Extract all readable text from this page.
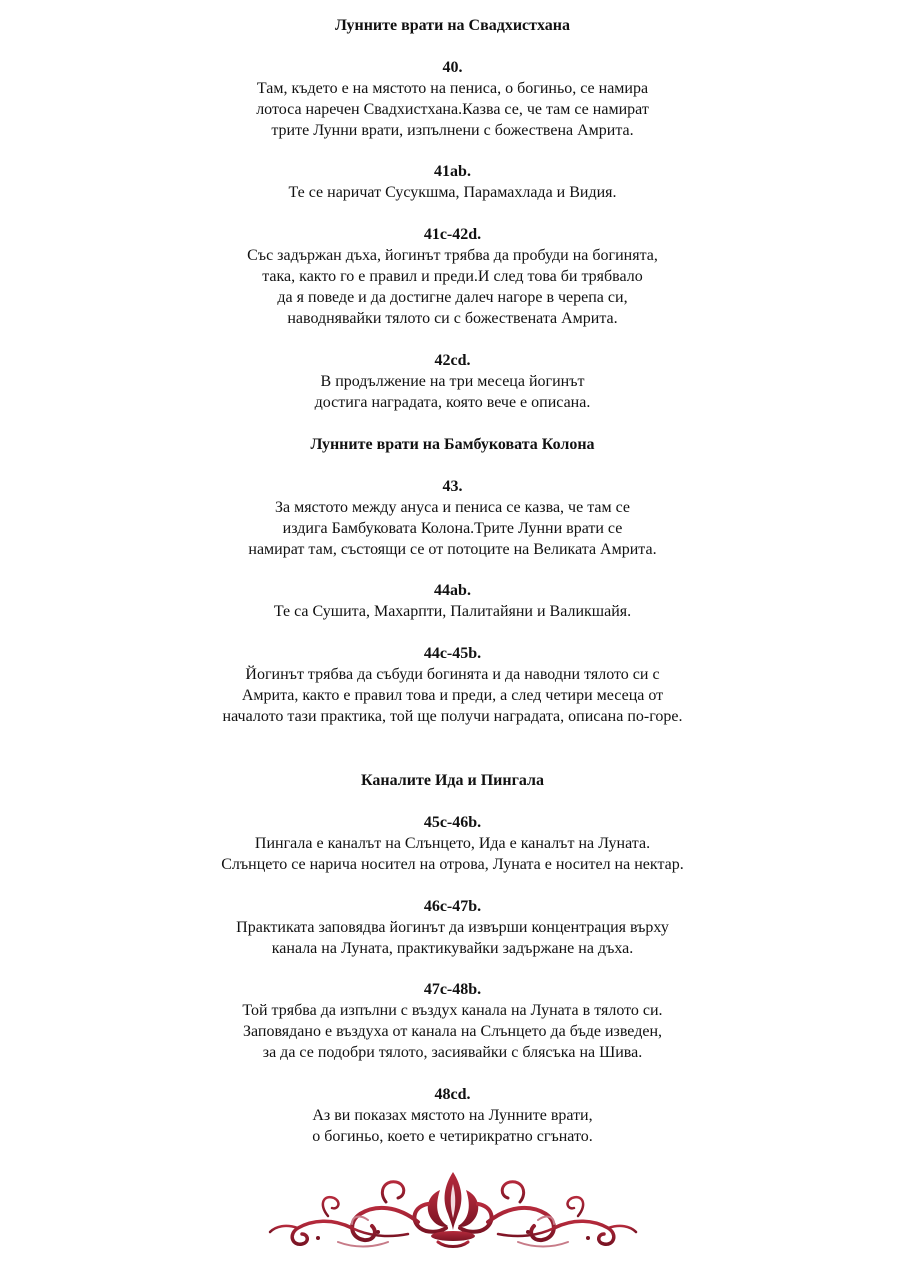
Лунните врати на Свадхистхана

40.

Там, където е на мястото на пениса, о богиньо, се намира

лотоса наречен Свадхистхана.Казва се, че там се намират

трите Лунни врати, изпълнени с божествена Амрита.

41ab.

Те се наричат Сусукшма, Парамахлада и Видия.

41c-42d.

Със задържан дъха, йогинът трябва да пробуди на богинята,

така, както го е правил и преди.И след това би трябвало

да я поведе и да достигне далеч нагоре в черепа си,

наводнявайки тялото си с божествената Амрита.

42cd.

В продължение на три месеца йогинът

достига наградата, която вече е описана.

Лунните врати на Бамбуковата Колона

43.

За мястото между ануса и пениса се казва, че там се

издига Бамбуковата Колона.Трите Лунни врати се

намират там, състоящи се от потоците на Великата Амрита.

44ab.

Те са Сушита, Махарпти, Палитайяни и Валикшайя.

44c-45b.

Йогинът трябва да събуди богинята и да наводни тялото си с

Амрита, както е правил това и преди, а след четири месеца от

началото тази практика, той ще получи наградата, описана по-горе.

Каналите Ида и Пингала

45c-46b.

Пингала е каналът на Слънцето, Ида е каналът на Луната.

Слънцето се нарича носител на отрова, Луната е носител на нектар.

46c-47b.

Практиката заповядва йогинът да извърши концентрация върху

канала на Луната, практикувайки задържане на дъха.

47c-48b.

Той трябва да изпълни с въздух канала на Луната в тялото си.

Заповядано е въздуха от канала на Слънцето да бъде изведен,

за да се подобри тялото, засиявайки с блясъка на Шива.

48cd.

Аз ви показах мястото на Лунните врати,

о богиньо, което е четирикратно сгънато.
